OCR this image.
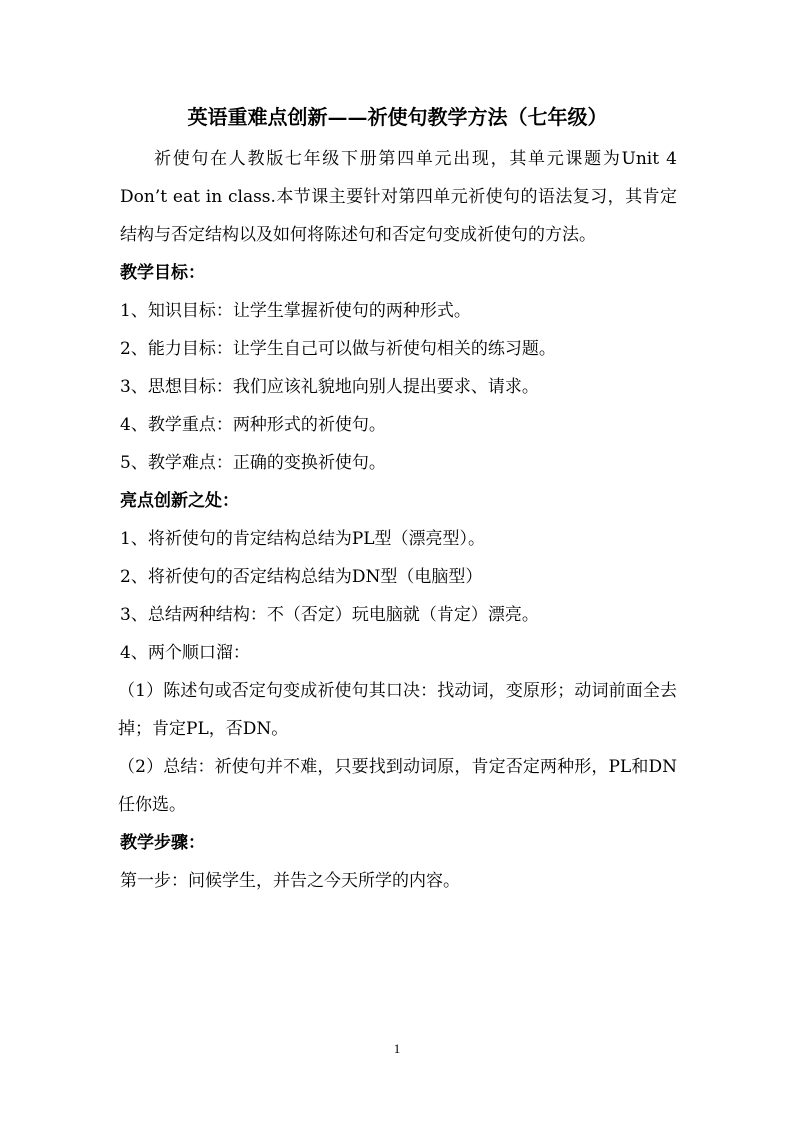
英语重难点创新——祈使句教学方法（七年级）

祈使句在人教版七年级下册第四单元出现，其单元课题为Unit 4 Don’t eat in class.本节课主要针对第四单元祈使句的语法复习，其肯定结构与否定结构以及如何将陈述句和否定句变成祈使句的方法。

教学目标：

1、知识目标：让学生掌握祈使句的两种形式。

2、能力目标：让学生自己可以做与祈使句相关的练习题。

3、思想目标：我们应该礼貌地向别人提出要求、请求。

4、教学重点：两种形式的祈使句。

5、教学难点：正确的变换祈使句。

亮点创新之处：

1、将祈使句的肯定结构总结为PL型（漂亮型）。

2、将祈使句的否定结构总结为DN型（电脑型）

3、总结两种结构：不（否定）玩电脑就（肯定）漂亮。

4、两个顺口溜：

（1）陈述句或否定句变成祈使句其口决：找动词，变原形；动词前面全去掉；肯定PL，否DN。

（2）总结：祈使句并不难，只要找到动词原，肯定否定两种形，PL和DN任你选。

教学步骤：

第一步：问候学生，并告之今天所学的内容。

1
